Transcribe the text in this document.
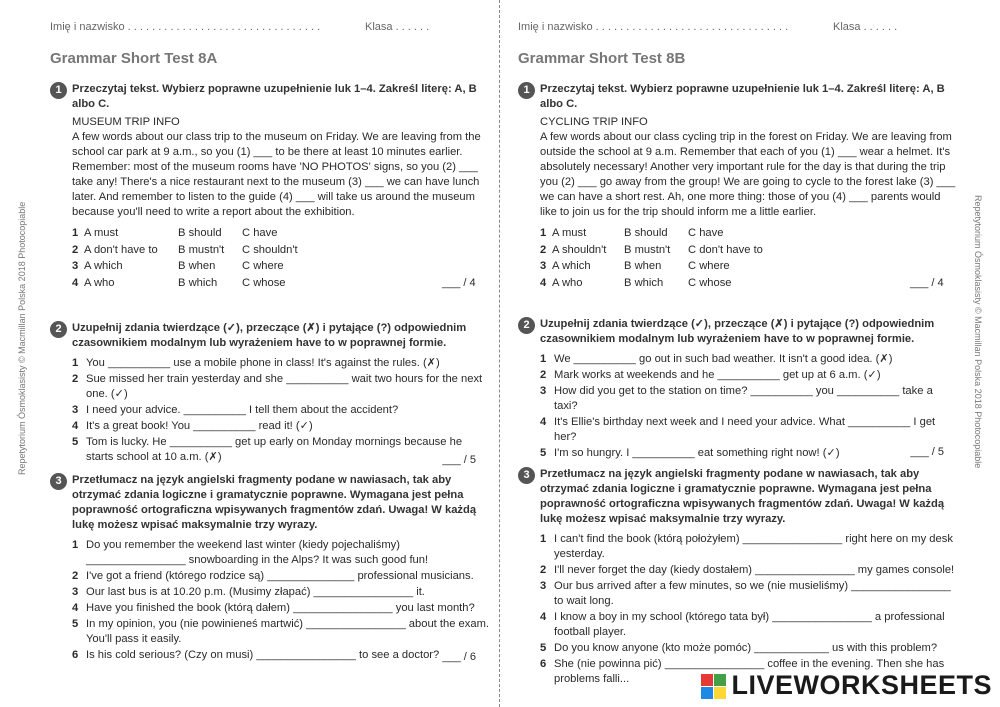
Repetytorium Ósmoklasisty © Macmillan Polska 2018 Photocopiable	Repetytorium Ósmoklasisty © Macmillan Polska 2018 Photocopiable
Imię i nazwisko . . . . . . . . . . . . . . . . . . . . . . . . . . . . . . . .	Klasa . . . . . .
Grammar Short Test 8A
1 Przeczytaj tekst. Wybierz poprawne uzupełnienie luk 1–4. Zakreśl literę: A, B albo C.
MUSEUM TRIP INFO
A few words about our class trip to the museum on Friday. We are leaving from the school car park at 9 a.m., so you (1) ___ to be there at least 10 minutes earlier. Remember: most of the museum rooms have 'NO PHOTOS' signs, so you (2) ___ take any! There's a nice restaurant next to the museum (3) ___ we can have lunch later. And remember to listen to the guide (4) ___ will take us around the museum because you'll need to write a report about the exhibition.
1 A must	B should C have
2 A don't have to B mustn't C shouldn't
3 A which	B when C where
4 A who	B which C whose	___ / 4
2 Uzupełnij zdania twierdzące (✓), przeczące (✗) i pytające (?) odpowiednim czasownikiem modalnym lub wyrażeniem have to w poprawnej formie.
1 You __________ use a mobile phone in class! It's against the rules. (✗)
2 Sue missed her train yesterday and she __________ wait two hours for the next one. (✓)
3 I need your advice. __________ I tell them about the accident?
4 It's a great book! You __________ read it! (✓)
5 Tom is lucky. He __________ get up early on Monday mornings because he starts school at 10 a.m. (✗)	___ / 5
3 Przetłumacz na język angielski fragmenty podane w nawiasach, tak aby otrzymać zdania logiczne i gramatycznie poprawne. Wymagana jest pełna poprawność ortograficzna wpisywanych fragmentów zdań. Uwaga! W każdą lukę możesz wpisać maksymalnie trzy wyrazy.
1 Do you remember the weekend last winter (kiedy pojechaliśmy) ________________ snowboarding in the Alps? It was such good fun!
2 I've got a friend (którego rodzice są) ______________ professional musicians.
3 Our last bus is at 10.20 p.m. (Musimy złapać) ________________ it.
4 Have you finished the book (którą dałem) ________________ you last month?
5 In my opinion, you (nie powinieneś martwić) ________________ about the exam. You'll pass it easily.
6 Is his cold serious? (Czy on musi) ________________ to see a doctor? ___ / 6
Imię i nazwisko . . . . . . . . . . . . . . . . . . . . . . . . . . . . . . . .	Klasa . . . . . .
Grammar Short Test 8B
1 Przeczytaj tekst. Wybierz poprawne uzupełnienie luk 1–4. Zakreśl literę: A, B albo C.
CYCLING TRIP INFO
A few words about our class cycling trip in the forest on Friday. We are leaving from outside the school at 9 a.m. Remember that each of you (1) ___ wear a helmet. It's absolutely necessary! Another very important rule for the day is that during the trip you (2) ___ go away from the group! We are going to cycle to the forest lake (3) ___ we can have a short rest. Ah, one more thing: those of you (4) ___ parents would like to join us for the trip should inform me a little earlier.
1 A must	B should C have
2 A shouldn't B mustn't C don't have to
3 A which	B when C where
4 A who	B which C whose	___ / 4
2 Uzupełnij zdania twierdzące (✓), przeczące (✗) i pytające (?) odpowiednim czasownikiem modalnym lub wyrażeniem have to w poprawnej formie.
1 We __________ go out in such bad weather. It isn't a good idea. (✗)
2 Mark works at weekends and he __________ get up at 6 a.m. (✓)
3 How did you get to the station on time? __________ you __________ take a taxi?
4 It's Ellie's birthday next week and I need your advice. What __________ I get her?
5 I'm so hungry. I __________ eat something right now! (✓)	___ / 5
3 Przetłumacz na język angielski fragmenty podane w nawiasach, tak aby otrzymać zdania logiczne i gramatycznie poprawne. Wymagana jest pełna poprawność ortograficzna wpisywanych fragmentów zdań. Uwaga! W każdą lukę możesz wpisać maksymalnie trzy wyrazy.
1 I can't find the book (którą położyłem) ________________ right here on my desk yesterday.
2 I'll never forget the day (kiedy dostałem) ________________ my games console!
3 Our bus arrived after a few minutes, so we (nie musieliśmy) ________________ to wait long.
4 I know a boy in my school (którego tata był) ________________ a professional football player.
5 Do you know anyone (kto może pomóc) ____________ us with this problem?
6 She (nie powinna pić) ________________ coffee in the evening. Then she has problems falli...	LIVEWORKSHEETS
